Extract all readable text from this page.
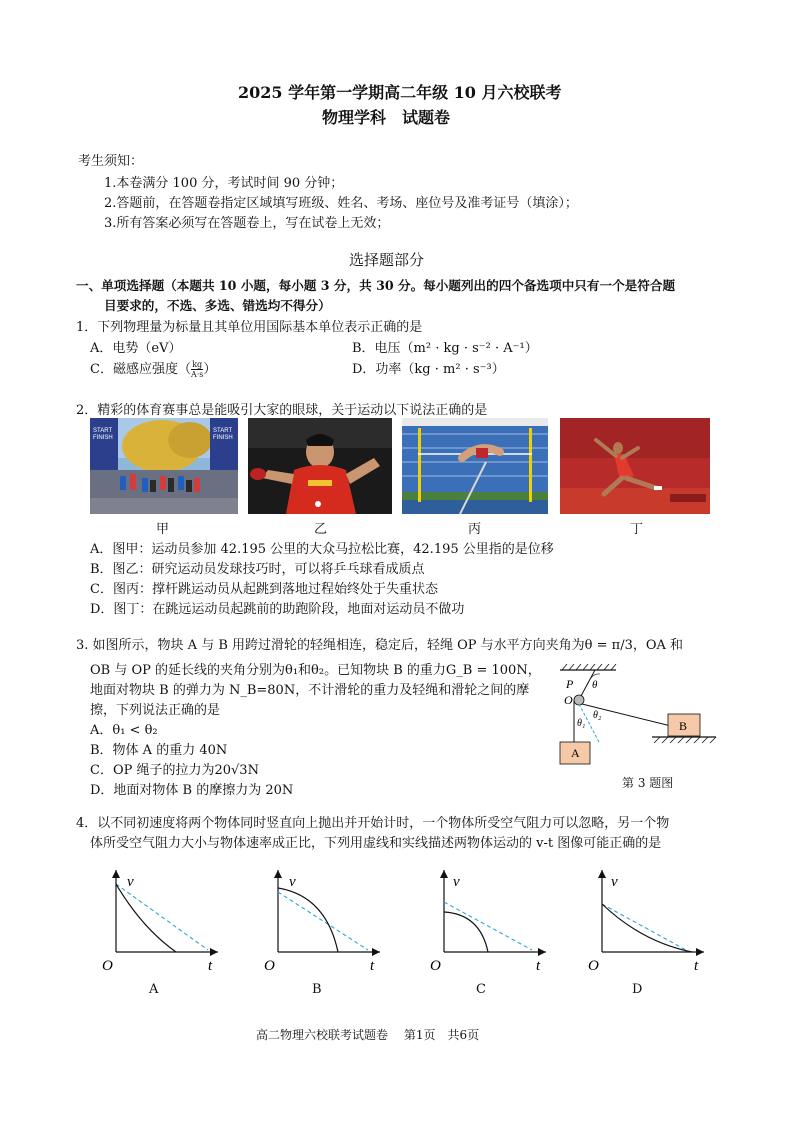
2025 学年第一学期高二年级 10 月六校联考
物理学科　试题卷
考生须知：
1.本卷满分 100 分，考试时间 90 分钟；
2.答题前，在答题卷指定区域填写班级、姓名、考场、座位号及准考证号（填涂）；
3.所有答案必须写在答题卷上，写在试卷上无效；
选择题部分
一、单项选择题（本题共 10 小题，每小题 3 分，共 30 分。每小题列出的四个备选项中只有一个是符合题
目要求的，不选、多选、错选均不得分）
1．下列物理量为标量且其单位用国际基本单位表示正确的是
A．电势（eV）	B．电压（m² · kg · s⁻² · A⁻¹）
C．磁感应强度（ $\frac{kg}{A\cdot s}$ ）	D．功率（kg · m² · s⁻³）
2．精彩的体育赛事总是能吸引大家的眼球，关于运动以下说法正确的是
START
FINISH
START
FINISH
甲	乙	丙	丁
A．图甲：运动员参加 42.195 公里的大众马拉松比赛，42.195 公里指的是位移
B．图乙：研究运动员发球技巧时，可以将乒乓球看成质点
C．图丙：撑杆跳运动员从起跳到落地过程始终处于失重状态
D．图丁：在跳远运动员起跳前的助跑阶段，地面对运动员不做功
3. 如图所示，物块 A 与 B 用跨过滑轮的轻绳相连，稳定后，轻绳 OP 与水平方向夹角为θ = π/3，OA 和
OB 与 OP 的延长线的夹角分别为θ₁和θ₂。已知物块 B 的重力G_B = 100N，
地面对物块 B 的弹力为 N_B=80N，不计滑轮的重力及轻绳和滑轮之间的摩
擦，下列说法正确的是
A．θ₁ < θ₂
B．物体 A 的重力 40N
C．OP 绳子的拉力为20√3N
D．地面对物体 B 的摩擦力为 20N
P θ
O
θ₁
θ₂
A
B
第 3 题图
4．以不同初速度将两个物体同时竖直向上抛出并开始计时，一个物体所受空气阻力可以忽略，另一个物
体所受空气阻力大小与物体速率成正比，下列用虚线和实线描述两物体运动的 v-t 图像可能正确的是
v
t
O
v
t
O
v
t
O
v
t
O
A	B	C	D
高二物理六校联考试题卷　 第1页　共6页
